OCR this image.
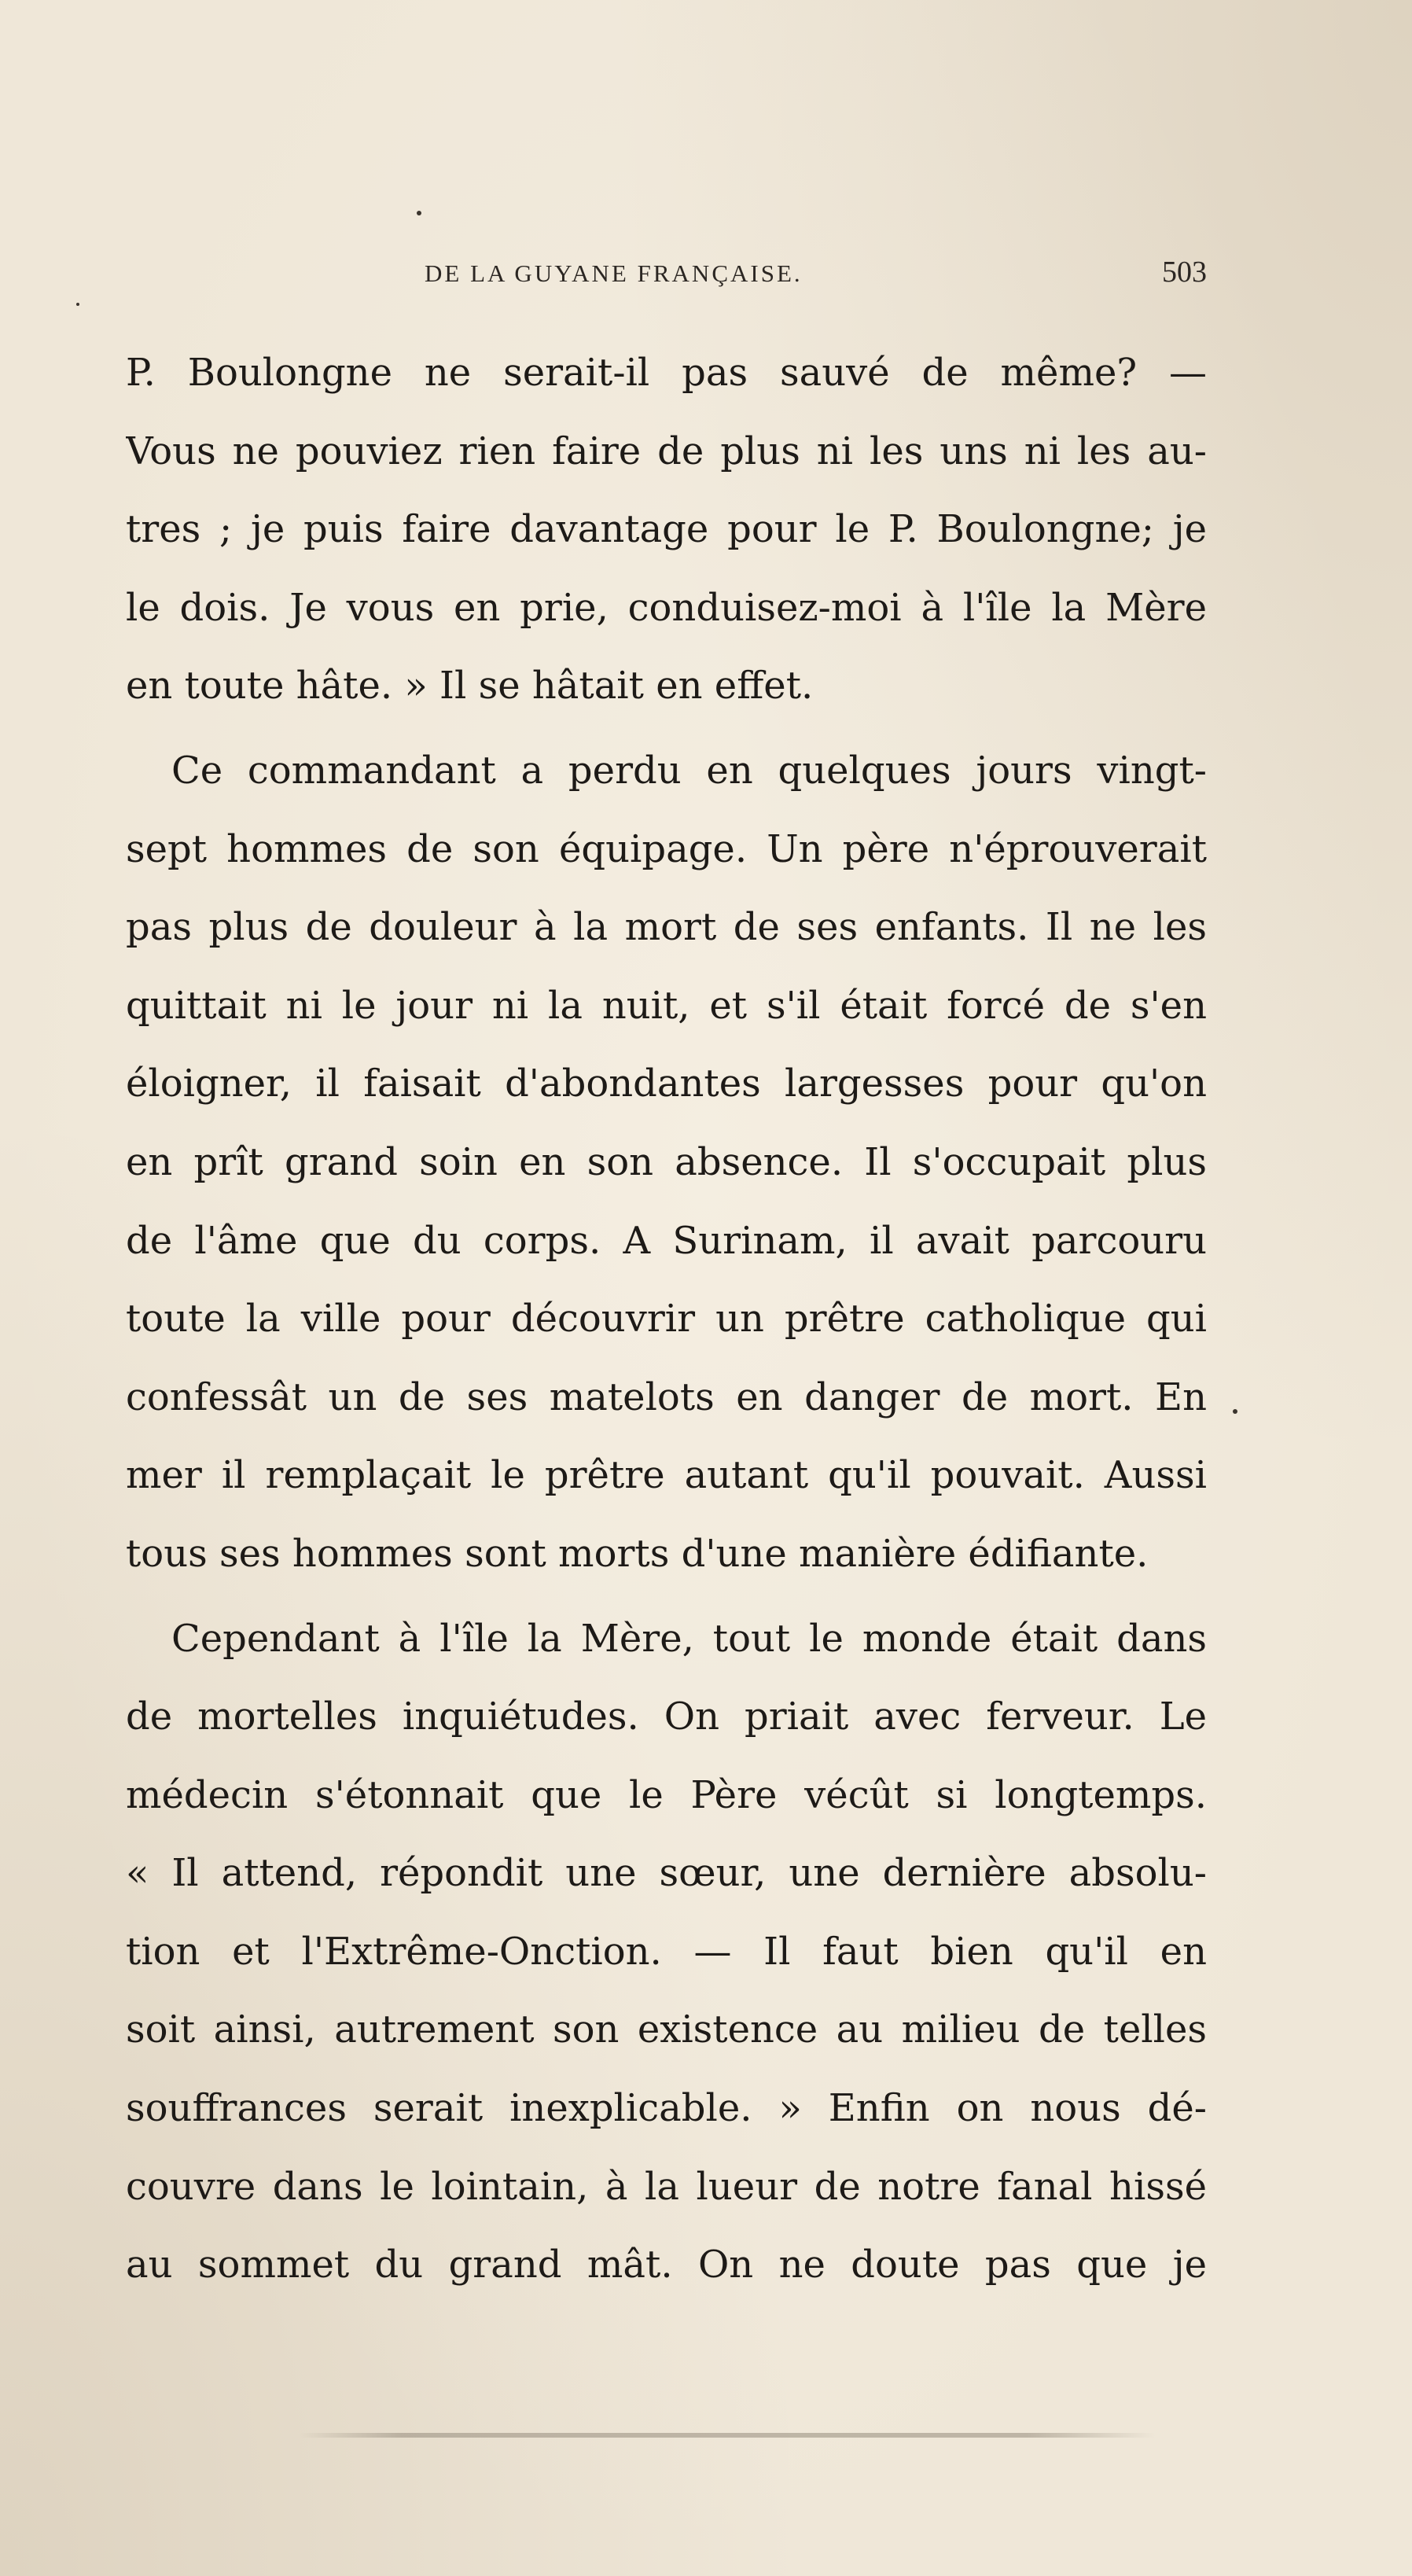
DE LA GUYANE FRANÇAISE.	503
P. Boulongne ne serait-il pas sauvé de même? —
Vous ne pouviez rien faire de plus ni les uns ni les au-
tres ; je puis faire davantage pour le P. Boulongne; je
le dois. Je vous en prie, conduisez-moi à l'île la Mère
en toute hâte. » Il se hâtait en effet.
Ce commandant a perdu en quelques jours vingt-
sept hommes de son équipage. Un père n'éprouverait
pas plus de douleur à la mort de ses enfants. Il ne les
quittait ni le jour ni la nuit, et s'il était forcé de s'en
éloigner, il faisait d'abondantes largesses pour qu'on
en prît grand soin en son absence. Il s'occupait plus
de l'âme que du corps. A Surinam, il avait parcouru
toute la ville pour découvrir un prêtre catholique qui
confessât un de ses matelots en danger de mort. En
mer il remplaçait le prêtre autant qu'il pouvait. Aussi
tous ses hommes sont morts d'une manière édifiante.
Cependant à l'île la Mère, tout le monde était dans
de mortelles inquiétudes. On priait avec ferveur. Le
médecin s'étonnait que le Père vécût si longtemps.
« Il attend, répondit une sœur, une dernière absolu-
tion et l'Extrême-Onction. — Il faut bien qu'il en
soit ainsi, autrement son existence au milieu de telles
souffrances serait inexplicable. » Enfin on nous dé-
couvre dans le lointain, à la lueur de notre fanal hissé
au sommet du grand mât. On ne doute pas que je
